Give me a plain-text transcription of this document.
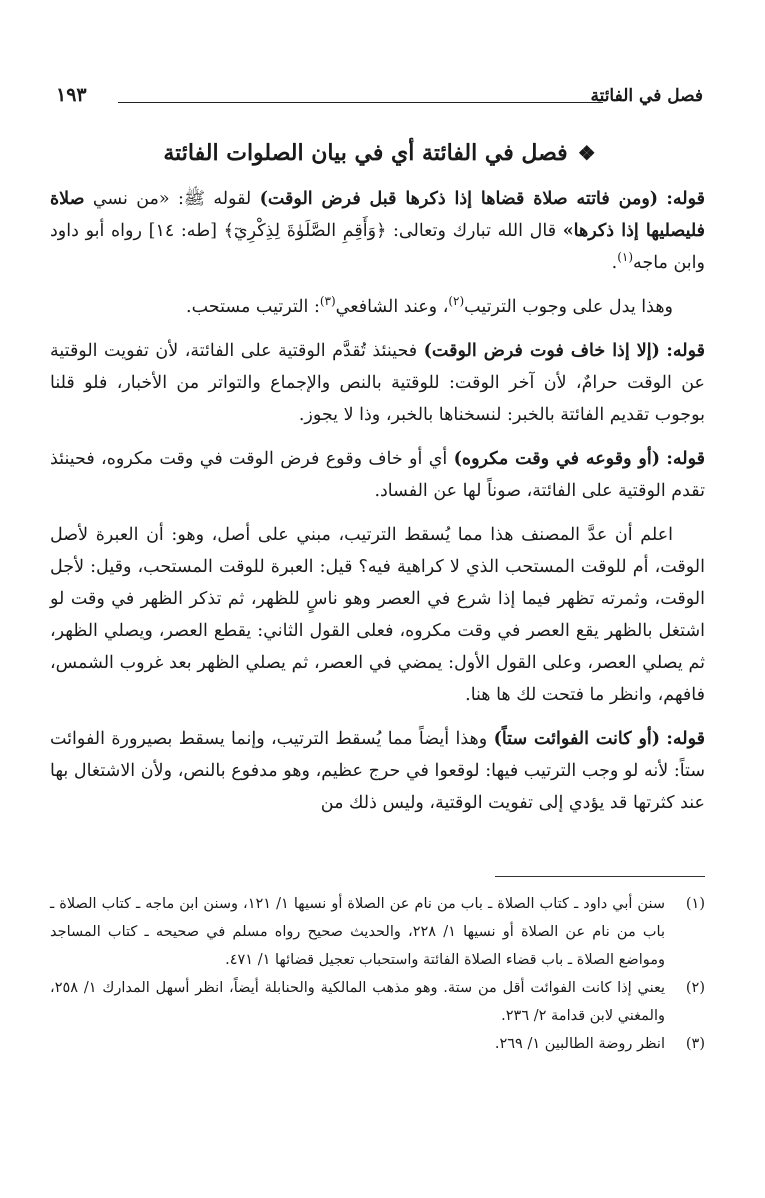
فصل في الفائتة
١٩٣
❖فصل في الفائتة أي في بيان الصلوات الفائتة

قوله: (ومن فاتته صلاة قضاها إذا ذكرها قبل فرض الوقت) لقوله ﷺ: «من نسي صلاة فليصليها إذا ذكرها» قال الله تبارك وتعالى: ﴿وَأَقِمِ الصَّلَوٰةَ لِذِكْرِيٓ﴾ [طه: ١٤] رواه أبو داود وابن ماجه$^{(١)}$.

وهذا يدل على وجوب الترتيب$^{(٢)}$، وعند الشافعي$^{(٣)}$: الترتيب مستحب.

قوله: (إلا إذا خاف فوت فرض الوقت) فحينئذ تُقدَّم الوقتية على الفائتة، لأن تفويت الوقتية عن الوقت حرامٌ، لأن آخر الوقت: للوقتية بالنص والإجماع والتواتر من الأخبار، فلو قلنا بوجوب تقديم الفائتة بالخبر: لنسخناها بالخبر، وذا لا يجوز.

قوله: (أو وقوعه في وقت مكروه) أي أو خاف وقوع فرض الوقت في وقت مكروه، فحينئذ تقدم الوقتية على الفائتة، صوناً لها عن الفساد.

اعلم أن عدَّ المصنف هذا مما يُسقط الترتيب، مبني على أصل، وهو: أن العبرة لأصل الوقت، أم للوقت المستحب الذي لا كراهية فيه؟ قيل: العبرة للوقت المستحب، وقيل: لأجل الوقت، وثمرته تظهر فيما إذا شرع في العصر وهو ناسٍ للظهر، ثم تذكر الظهر في وقت لو اشتغل بالظهر يقع العصر في وقت مكروه، فعلى القول الثاني: يقطع العصر، ويصلي الظهر، ثم يصلي العصر، وعلى القول الأول: يمضي في العصر، ثم يصلي الظهر بعد غروب الشمس، فافهم، وانظر ما فتحت لك ها هنا.

قوله: (أو كانت الفوائت ستاً) وهذا أيضاً مما يُسقط الترتيب، وإنما يسقط بصيرورة الفوائت ستاً: لأنه لو وجب الترتيب فيها: لوقعوا في حرج عظيم، وهو مدفوع بالنص، ولأن الاشتغال بها عند كثرتها قد يؤدي إلى تفويت الوقتية، وليس ذلك من

(١)
سنن أبي داود ـ كتاب الصلاة ـ باب من نام عن الصلاة أو نسيها ١/ ١٢١، وسنن ابن ماجه ـ كتاب الصلاة ـ باب من نام عن الصلاة أو نسيها ١/ ٢٢٨، والحديث صحيح رواه مسلم في صحيحه ـ كتاب المساجد ومواضع الصلاة ـ باب قضاء الصلاة الفائتة واستحباب تعجيل قضائها ١/ ٤٧١.

(٢)
يعني إذا كانت الفوائت أقل من ستة. وهو مذهب المالكية والحنابلة أيضاً، انظر أسهل المدارك ١/ ٢٥٨، والمغني لابن قدامة ٢/ ٢٣٦.

(٣)
انظر روضة الطالبين ١/ ٢٦٩.
